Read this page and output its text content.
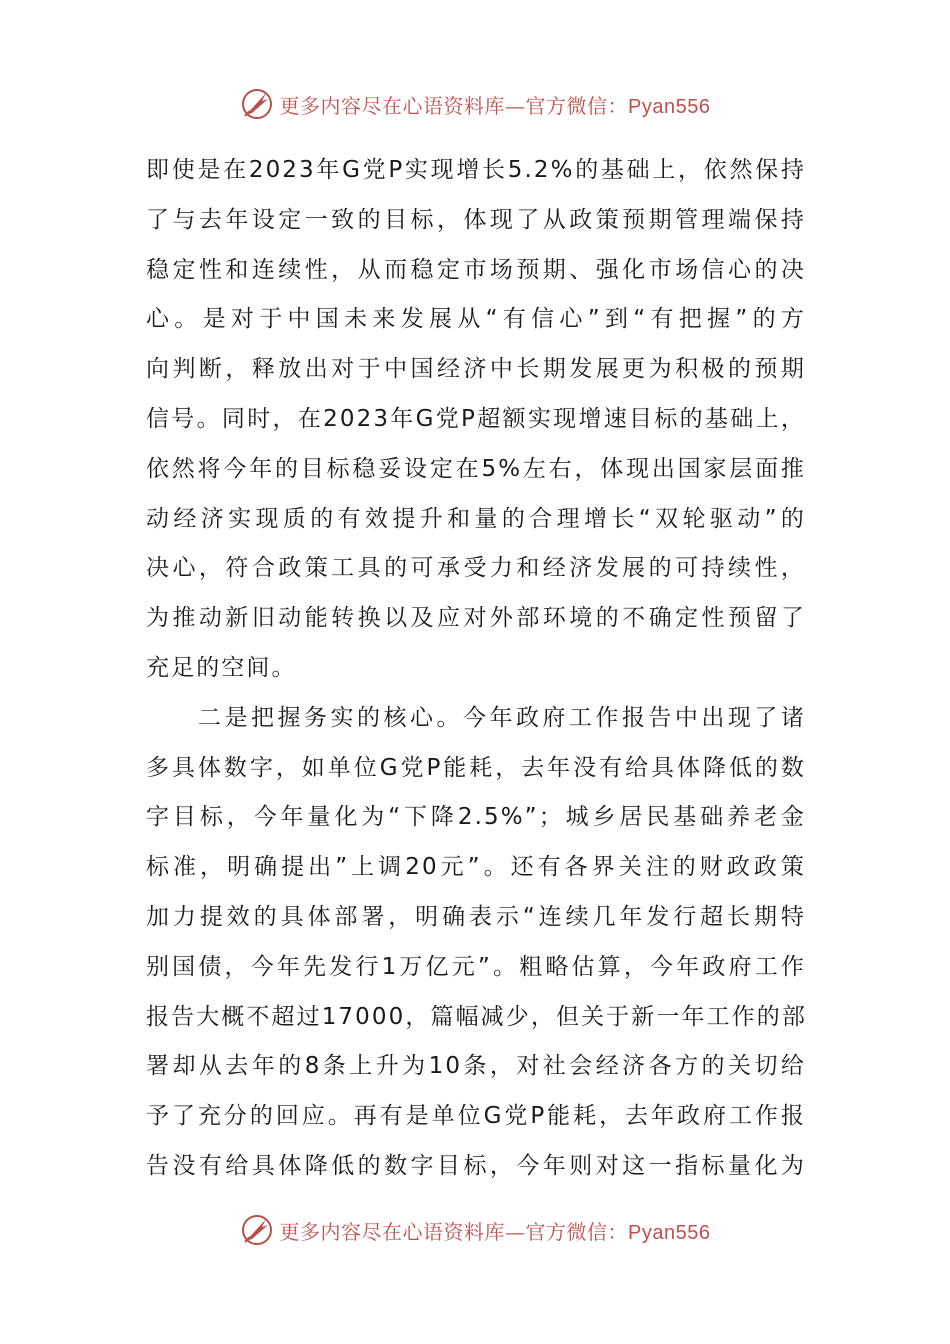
更多内容尽在心语资料库—官方微信：Pyan556
即使是在2023年G党P实现增长5.2%的基础上，依然保持
了与去年设定一致的目标，体现了从政策预期管理端保持
稳定性和连续性，从而稳定市场预期、强化市场信心的决
心。是对于中国未来发展从“有信心”到“有把握”的方
向判断，释放出对于中国经济中长期发展更为积极的预期
信号。同时，在2023年G党P超额实现增速目标的基础上，
依然将今年的目标稳妥设定在5%左右，体现出国家层面推
动经济实现质的有效提升和量的合理增长“双轮驱动”的
决心，符合政策工具的可承受力和经济发展的可持续性，
为推动新旧动能转换以及应对外部环境的不确定性预留了
充足的空间。
二是把握务实的核心。今年政府工作报告中出现了诸
多具体数字，如单位G党P能耗，去年没有给具体降低的数
字目标，今年量化为“下降2.5%”；城乡居民基础养老金
标准，明确提出”上调20元”。还有各界关注的财政政策
加力提效的具体部署，明确表示“连续几年发行超长期特
别国债，今年先发行1万亿元”。粗略估算，今年政府工作
报告大概不超过17000，篇幅减少，但关于新一年工作的部
署却从去年的8条上升为10条，对社会经济各方的关切给
予了充分的回应。再有是单位G党P能耗，去年政府工作报
告没有给具体降低的数字目标，今年则对这一指标量化为
更多内容尽在心语资料库—官方微信：Pyan556
